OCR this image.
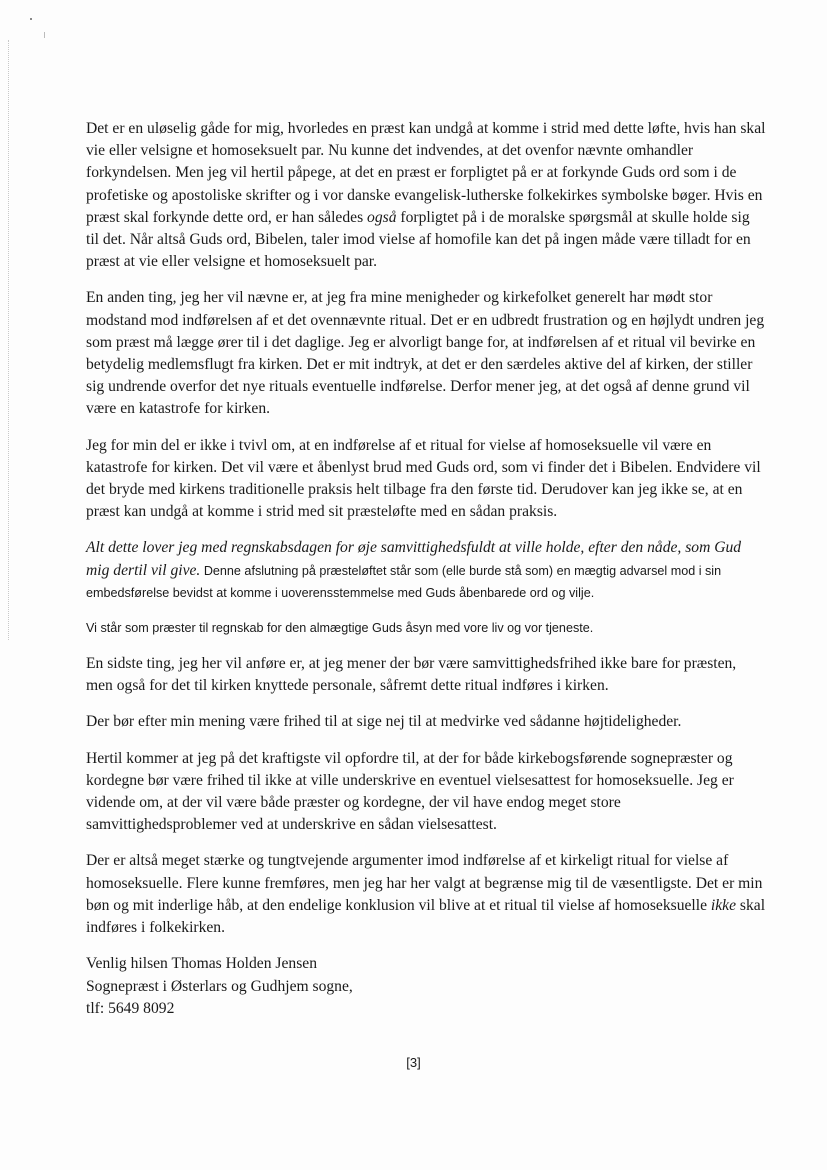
Det er en uløselig gåde for mig, hvorledes en præst kan undgå at komme i strid med dette løfte, hvis han skal vie eller velsigne et homoseksuelt par. Nu kunne det indvendes, at det ovenfor nævnte omhandler forkyndelsen. Men jeg vil hertil påpege, at det en præst er forpligtet på er at forkynde Guds ord som i de profetiske og apostoliske skrifter og i vor danske evangelisk-lutherske folkekirkes symbolske bøger. Hvis en præst skal forkynde dette ord, er han således også forpligtet på i de moralske spørgsmål at skulle holde sig til det. Når altså Guds ord, Bibelen, taler imod vielse af homofile kan det på ingen måde være tilladt for en præst at vie eller velsigne et homoseksuelt par.

En anden ting, jeg her vil nævne er, at jeg fra mine menigheder og kirkefolket generelt har mødt stor modstand mod indførelsen af et det ovennævnte ritual. Det er en udbredt frustration og en højlydt undren jeg som præst må lægge ører til i det daglige. Jeg er alvorligt bange for, at indførelsen af et ritual vil bevirke en betydelig medlemsflugt fra kirken. Det er mit indtryk, at det er den særdeles aktive del af kirken, der stiller sig undrende overfor det nye rituals eventuelle indførelse. Derfor mener jeg, at det også af denne grund vil være en katastrofe for kirken.

Jeg for min del er ikke i tvivl om, at en indførelse af et ritual for vielse af homoseksuelle vil være en katastrofe for kirken. Det vil være et åbenlyst brud med Guds ord, som vi finder det i Bibelen. Endvidere vil det bryde med kirkens traditionelle praksis helt tilbage fra den første tid. Derudover kan jeg ikke se, at en præst kan undgå at komme i strid med sit præsteløfte med en sådan praksis.

Alt dette lover jeg med regnskabsdagen for øje samvittighedsfuldt at ville holde, efter den nåde, som Gud mig dertil vil give. Denne afslutning på præsteløftet står som (elle burde stå som) en mægtig advarsel mod i sin embedsførelse bevidst at komme i uoverensstemmelse med Guds åbenbarede ord og vilje.

Vi står som præster til regnskab for den almægtige Guds åsyn med vore liv og vor tjeneste.

En sidste ting, jeg her vil anføre er, at jeg mener der bør være samvittighedsfrihed ikke bare for præsten, men også for det til kirken knyttede personale, såfremt dette ritual indføres i kirken.

Der bør efter min mening være frihed til at sige nej til at medvirke ved sådanne højtideligheder.

Hertil kommer at jeg på det kraftigste vil opfordre til, at der for både kirkebogsførende sognepræster og kordegne bør være frihed til ikke at ville underskrive en eventuel vielsesattest for homoseksuelle. Jeg er vidende om, at der vil være både præster og kordegne, der vil have endog meget store samvittighedsproblemer ved at underskrive en sådan vielsesattest.

Der er altså meget stærke og tungtvejende argumenter imod indførelse af et kirkeligt ritual for vielse af homoseksuelle. Flere kunne fremføres, men jeg har her valgt at begrænse mig til de væsentligste. Det er min bøn og mit inderlige håb, at den endelige konklusion vil blive at et ritual til vielse af homoseksuelle ikke skal indføres i folkekirken.

Venlig hilsen Thomas Holden Jensen
Sognepræst i Østerlars og Gudhjem sogne,
tlf: 5649 8092
[3]
